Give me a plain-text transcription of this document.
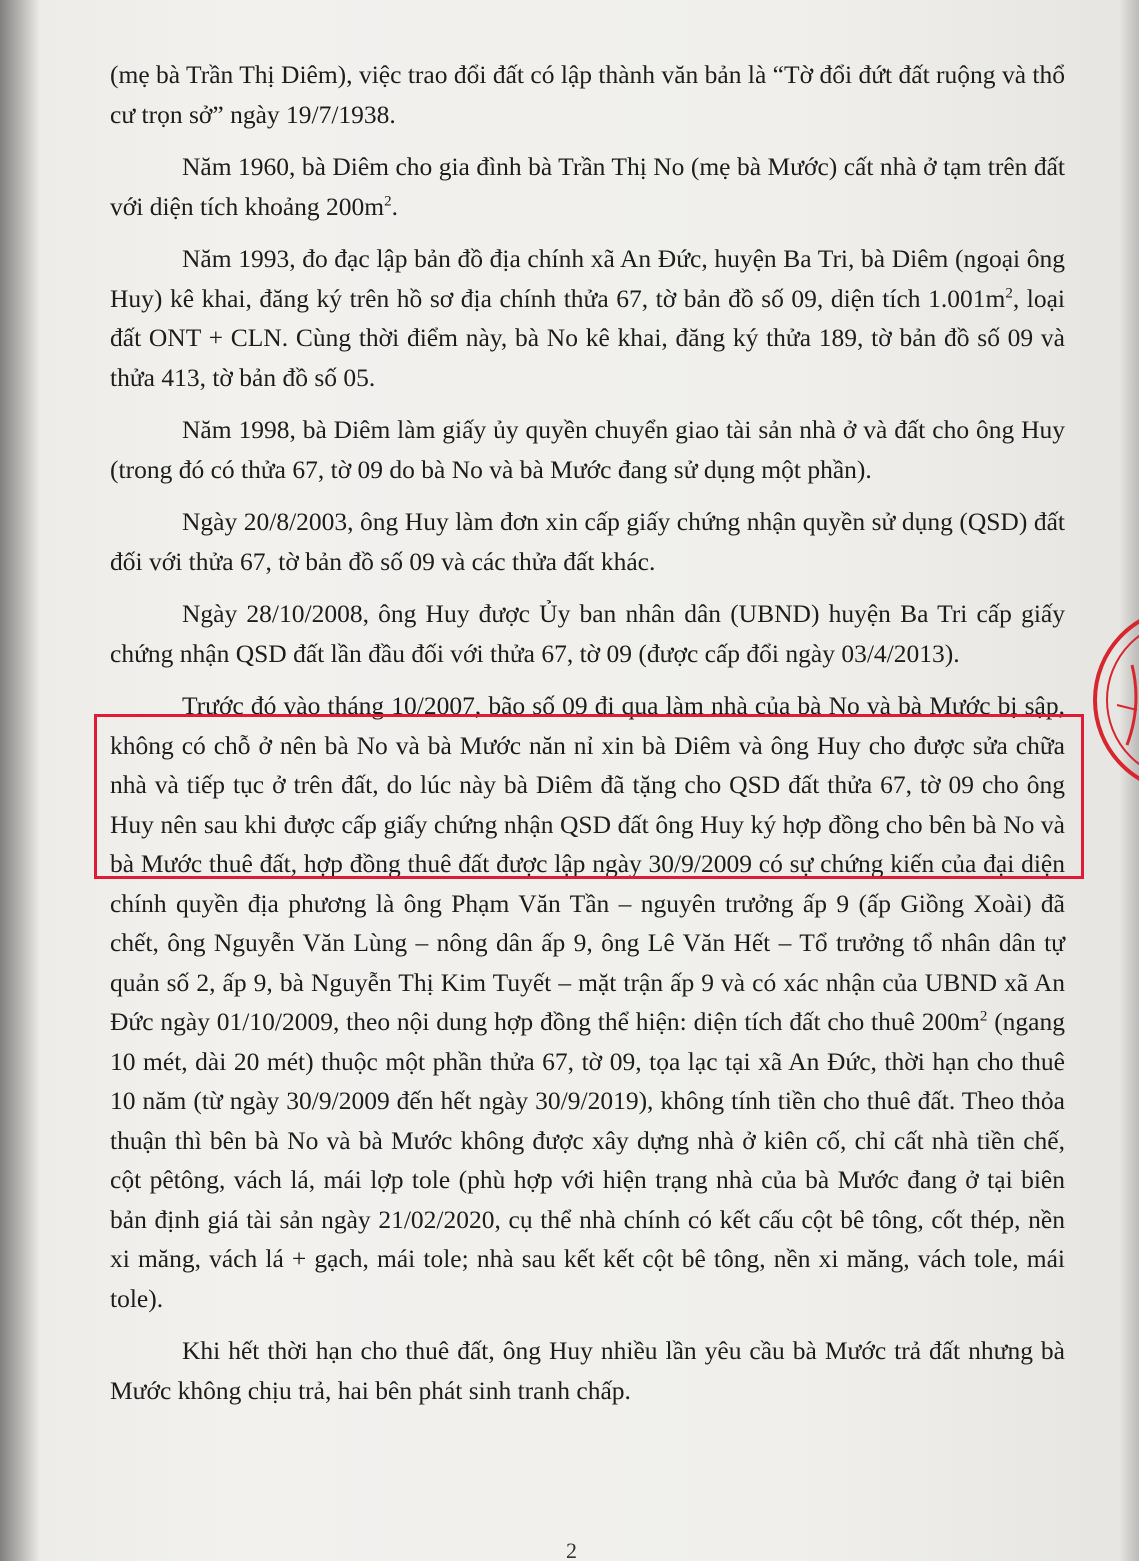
(mẹ bà Trần Thị Diêm), việc trao đổi đất có lập thành văn bản là “Tờ đổi đứt đất ruộng và thổ cư trọn sở” ngày 19/7/1938.

Năm 1960, bà Diêm cho gia đình bà Trần Thị No (mẹ bà Mước) cất nhà ở tạm trên đất với diện tích khoảng $200m^2$.

Năm 1993, đo đạc lập bản đồ địa chính xã An Đức, huyện Ba Tri, bà Diêm (ngoại ông Huy) kê khai, đăng ký trên hồ sơ địa chính thửa 67, tờ bản đồ số 09, diện tích $1.001m^2$, loại đất ONT + CLN. Cùng thời điểm này, bà No kê khai, đăng ký thửa 189, tờ bản đồ số 09 và thửa 413, tờ bản đồ số 05.

Năm 1998, bà Diêm làm giấy ủy quyền chuyển giao tài sản nhà ở và đất cho ông Huy (trong đó có thửa 67, tờ 09 do bà No và bà Mước đang sử dụng một phần).

Ngày 20/8/2003, ông Huy làm đơn xin cấp giấy chứng nhận quyền sử dụng (QSD) đất đối với thửa 67, tờ bản đồ số 09 và các thửa đất khác.

Ngày 28/10/2008, ông Huy được Ủy ban nhân dân (UBND) huyện Ba Tri cấp giấy chứng nhận QSD đất lần đầu đối với thửa 67, tờ 09 (được cấp đổi ngày 03/4/2013).

Trước đó vào tháng 10/2007, bão số 09 đi qua làm nhà của bà No và bà Mước bị sập, không có chỗ ở nên bà No và bà Mước năn nỉ xin bà Diêm và ông Huy cho được sửa chữa nhà và tiếp tục ở trên đất, do lúc này bà Diêm đã tặng cho QSD đất thửa 67, tờ 09 cho ông Huy nên sau khi được cấp giấy chứng nhận QSD đất ông Huy ký hợp đồng cho bên bà No và bà Mước thuê đất, hợp đồng thuê đất được lập ngày 30/9/2009 có sự chứng kiến của đại diện chính quyền địa phương là ông Phạm Văn Tần – nguyên trưởng ấp 9 (ấp Giồng Xoài) đã chết, ông Nguyễn Văn Lùng – nông dân ấp 9, ông Lê Văn Hết – Tổ trưởng tổ nhân dân tự quản số 2, ấp 9, bà Nguyễn Thị Kim Tuyết – mặt trận ấp 9 và có xác nhận của UBND xã An Đức ngày 01/10/2009, theo nội dung hợp đồng thể hiện: diện tích đất cho thuê $200m^2$ (ngang 10 mét, dài 20 mét) thuộc một phần thửa 67, tờ 09, tọa lạc tại xã An Đức, thời hạn cho thuê 10 năm (từ ngày 30/9/2009 đến hết ngày 30/9/2019), không tính tiền cho thuê đất. Theo thỏa thuận thì bên bà No và bà Mước không được xây dựng nhà ở kiên cố, chỉ cất nhà tiền chế, cột pêtông, vách lá, mái lợp tole (phù hợp với hiện trạng nhà của bà Mước đang ở tại biên bản định giá tài sản ngày 21/02/2020, cụ thể nhà chính có kết cấu cột bê tông, cốt thép, nền xi măng, vách lá + gạch, mái tole; nhà sau kết kết cột bê tông, nền xi măng, vách tole, mái tole).

Khi hết thời hạn cho thuê đất, ông Huy nhiều lần yêu cầu bà Mước trả đất nhưng bà Mước không chịu trả, hai bên phát sinh tranh chấp.

2
